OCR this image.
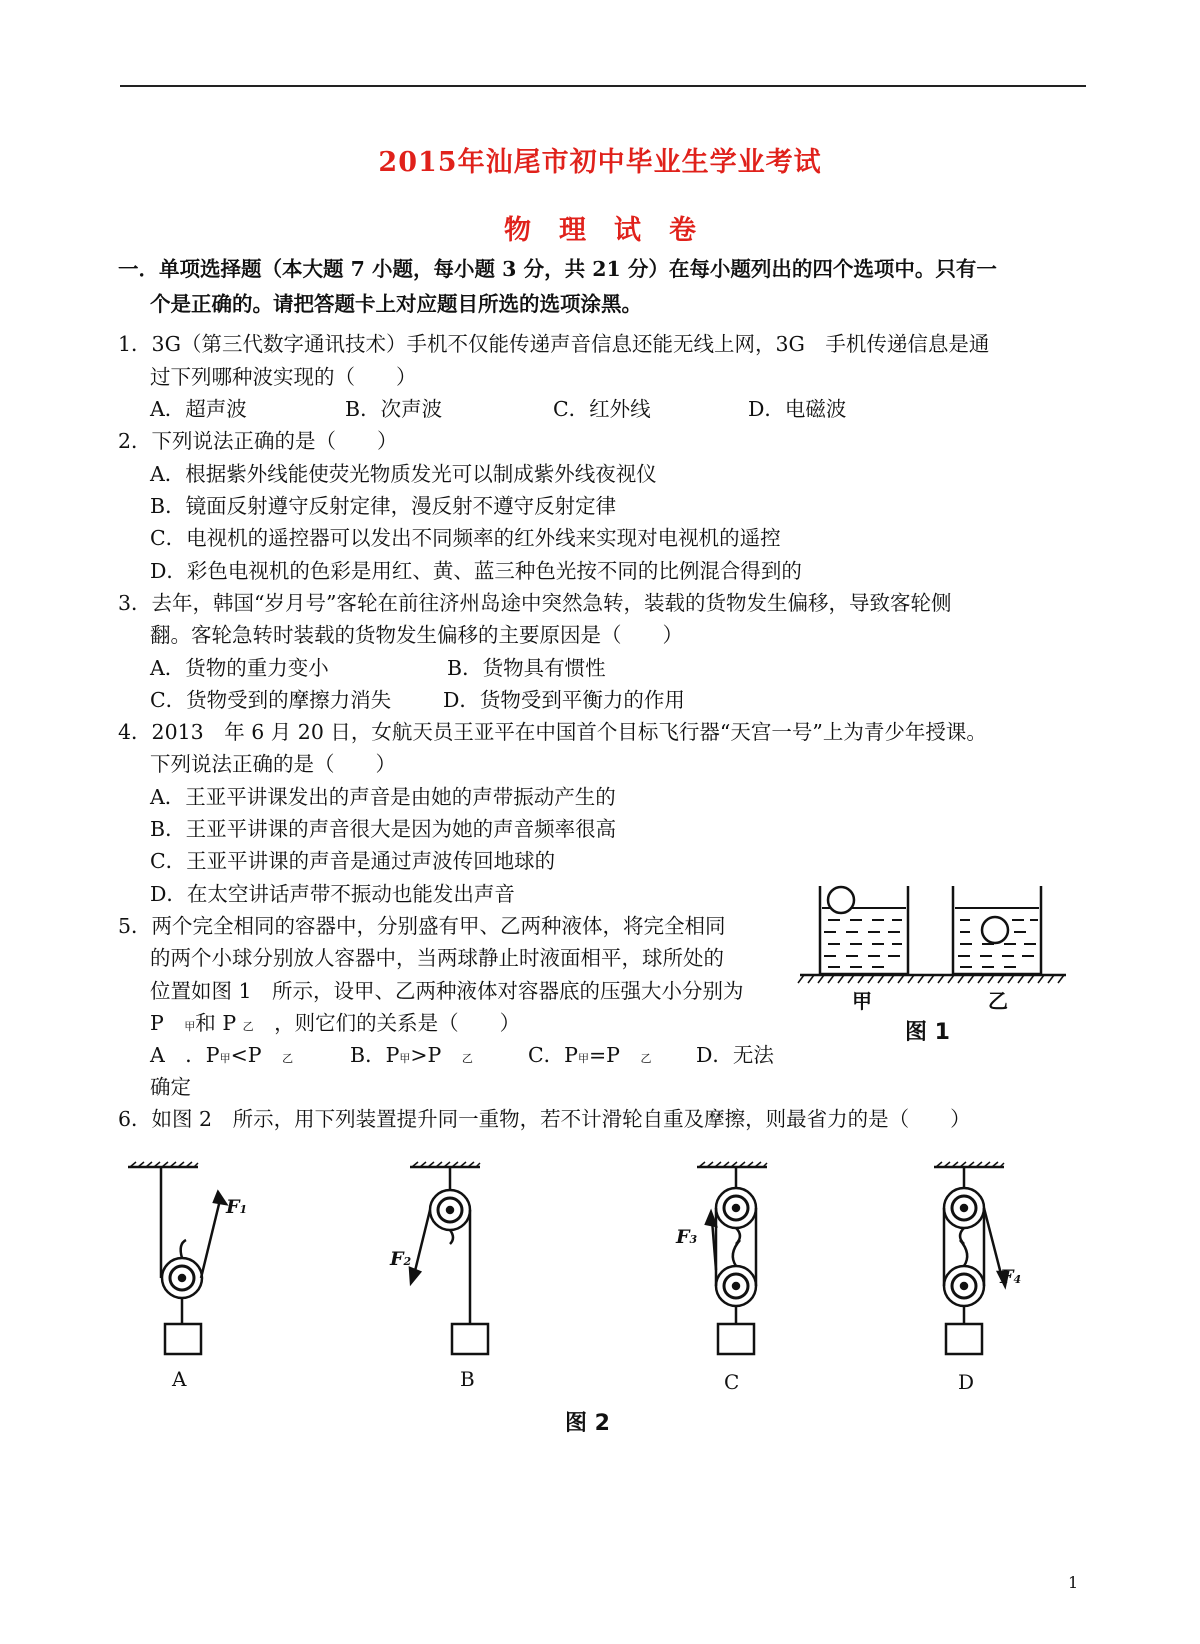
2015年汕尾市初中毕业生学业考试
物理试卷
一．单项选择题（本大题 7 小题，每小题 3 分，共 21 分）在每小题列出的四个选项中。只有一
个是正确的。请把答题卡上对应题目所选的选项涂黑。
1．3G（第三代数字通讯技术）手机不仅能传递声音信息还能无线上网，3G　手机传递信息是通
过下列哪种波实现的（　　）
A．超声波	B．次声波	C．红外线	D．电磁波
2．下列说法正确的是（　　）
A．根据紫外线能使荧光物质发光可以制成紫外线夜视仪
B．镜面反射遵守反射定律，漫反射不遵守反射定律
C．电视机的遥控器可以发出不同频率的红外线来实现对电视机的遥控
D．彩色电视机的色彩是用红、黄、蓝三种色光按不同的比例混合得到的
3．去年，韩国“岁月号”客轮在前往济州岛途中突然急转，装载的货物发生偏移，导致客轮侧
翻。客轮急转时装载的货物发生偏移的主要原因是（　　）
A．货物的重力变小	B．货物具有惯性
C．货物受到的摩擦力消失	D．货物受到平衡力的作用
4．2013　年 6 月 20 日，女航天员王亚平在中国首个目标飞行器“天宫一号”上为青少年授课。
下列说法正确的是（　　）
A．王亚平讲课发出的声音是由她的声带振动产生的
B．王亚平讲课的声音很大是因为她的声音频率很高
C．王亚平讲课的声音是通过声波传回地球的
D．在太空讲话声带不振动也能发出声音
5．两个完全相同的容器中，分别盛有甲、乙两种液体，将完全相同
的两个小球分别放人容器中，当两球静止时液面相平，球所处的
位置如图 1　所示，设甲、乙两种液体对容器底的压强大小分别为
P　 甲和 P 乙　 ，则它们的关系是（　　）
A　．P甲<P　 乙	B．P甲>P　 乙	C．P甲=P　 乙 D．无法
确定
6．如图 2　所示，用下列装置提升同一重物，若不计滑轮自重及摩擦，则最省力的是（　　）
甲	乙
图 1
F1
F2
F3
F4
A	B	C	D
图 2
1
